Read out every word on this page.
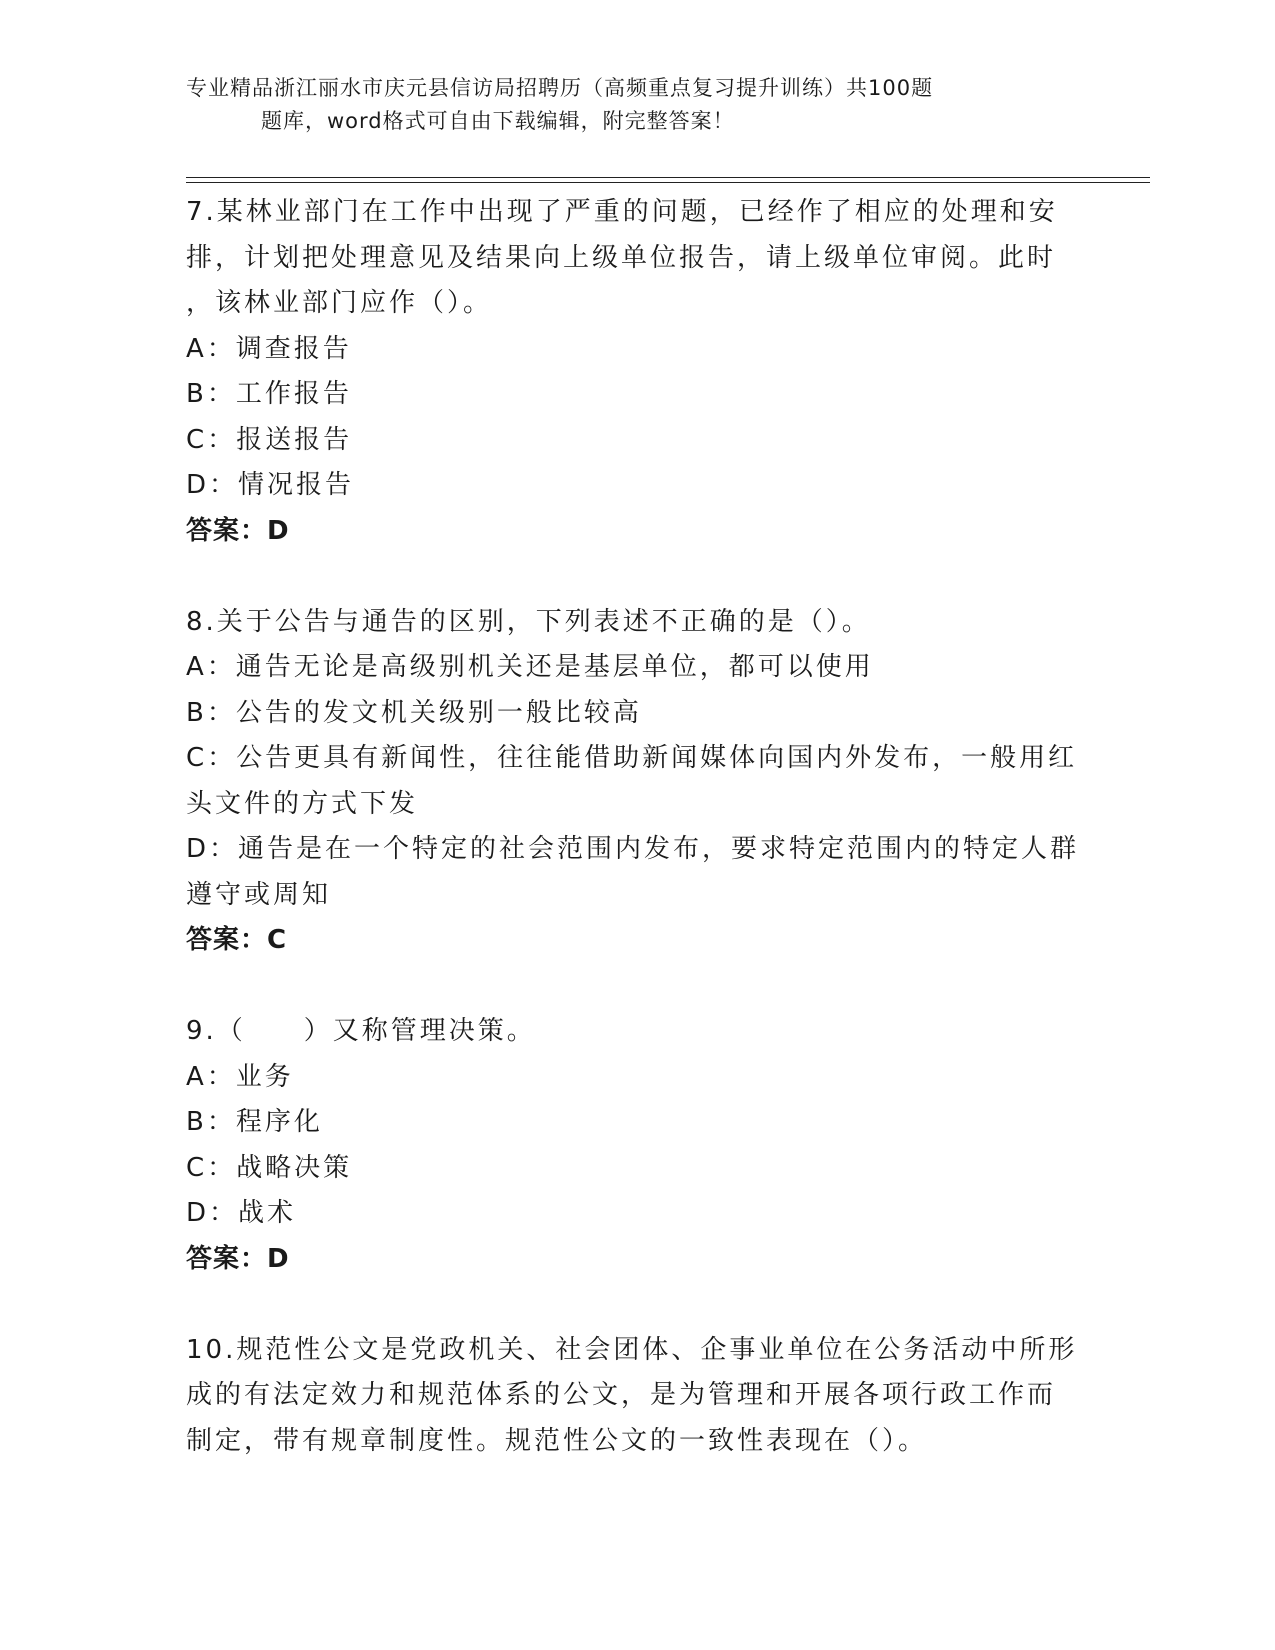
专业精品浙江丽水市庆元县信访局招聘历（高频重点复习提升训练）共100题
题库，word格式可自由下载编辑，附完整答案！
7.某林业部门在工作中出现了严重的问题，已经作了相应的处理和安
排，计划把处理意见及结果向上级单位报告，请上级单位审阅。此时
，该林业部门应作（）。
A：调查报告
B：工作报告
C：报送报告
D：情况报告
答案：D
8.关于公告与通告的区别，下列表述不正确的是（）。
A：通告无论是高级别机关还是基层单位，都可以使用
B：公告的发文机关级别一般比较高
C：公告更具有新闻性，往往能借助新闻媒体向国内外发布，一般用红
头文件的方式下发
D：通告是在一个特定的社会范围内发布，要求特定范围内的特定人群
遵守或周知
答案：C
9.（　　）又称管理决策。
A：业务
B：程序化
C：战略决策
D：战术
答案：D
10.规范性公文是党政机关、社会团体、企事业单位在公务活动中所形
成的有法定效力和规范体系的公文，是为管理和开展各项行政工作而
制定，带有规章制度性。规范性公文的一致性表现在（）。
